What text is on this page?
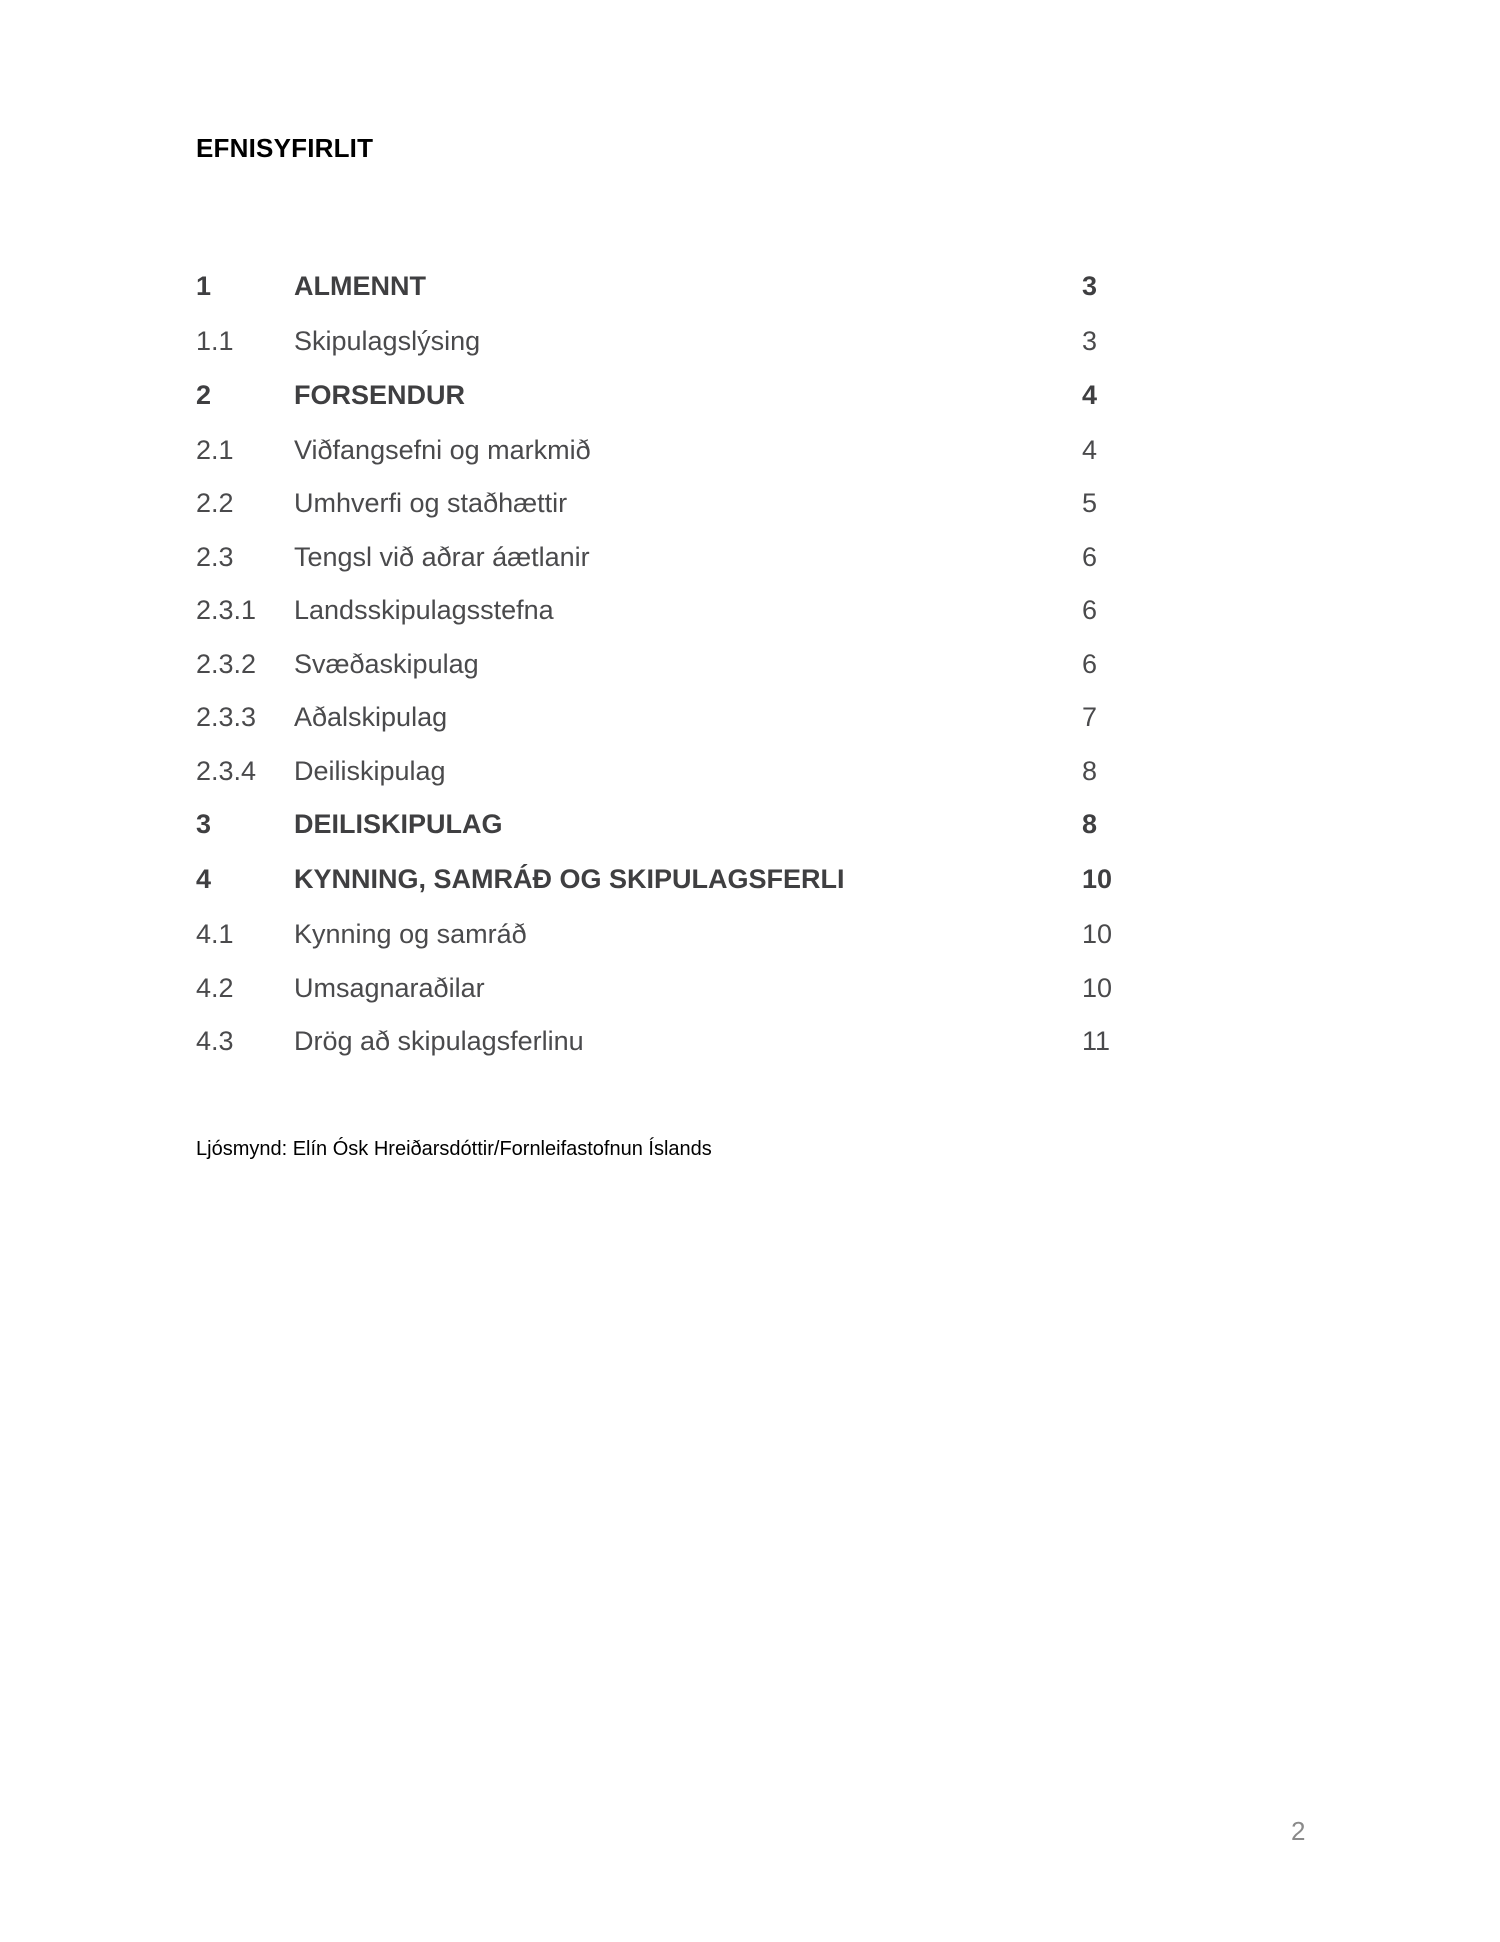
EFNISYFIRLIT
1	ALMENNT	3
1.1 Skipulagslýsing	3
2	FORSENDUR	4
2.1 Viðfangsefni og markmið	4
2.2 Umhverfi og staðhættir	5
2.3 Tengsl við aðrar áætlanir	6
2.3.1 Landsskipulagsstefna	6
2.3.2 Svæðaskipulag	6
2.3.3 Aðalskipulag	7
2.3.4 Deiliskipulag	8
3	DEILISKIPULAG	8
4	KYNNING, SAMRÁÐ OG SKIPULAGSFERLI	10
4.1 Kynning og samráð	10
4.2 Umsagnaraðilar	10
4.3 Drög að skipulagsferlinu	11

Ljósmynd: Elín Ósk Hreiðarsdóttir/Fornleifastofnun Íslands

2
